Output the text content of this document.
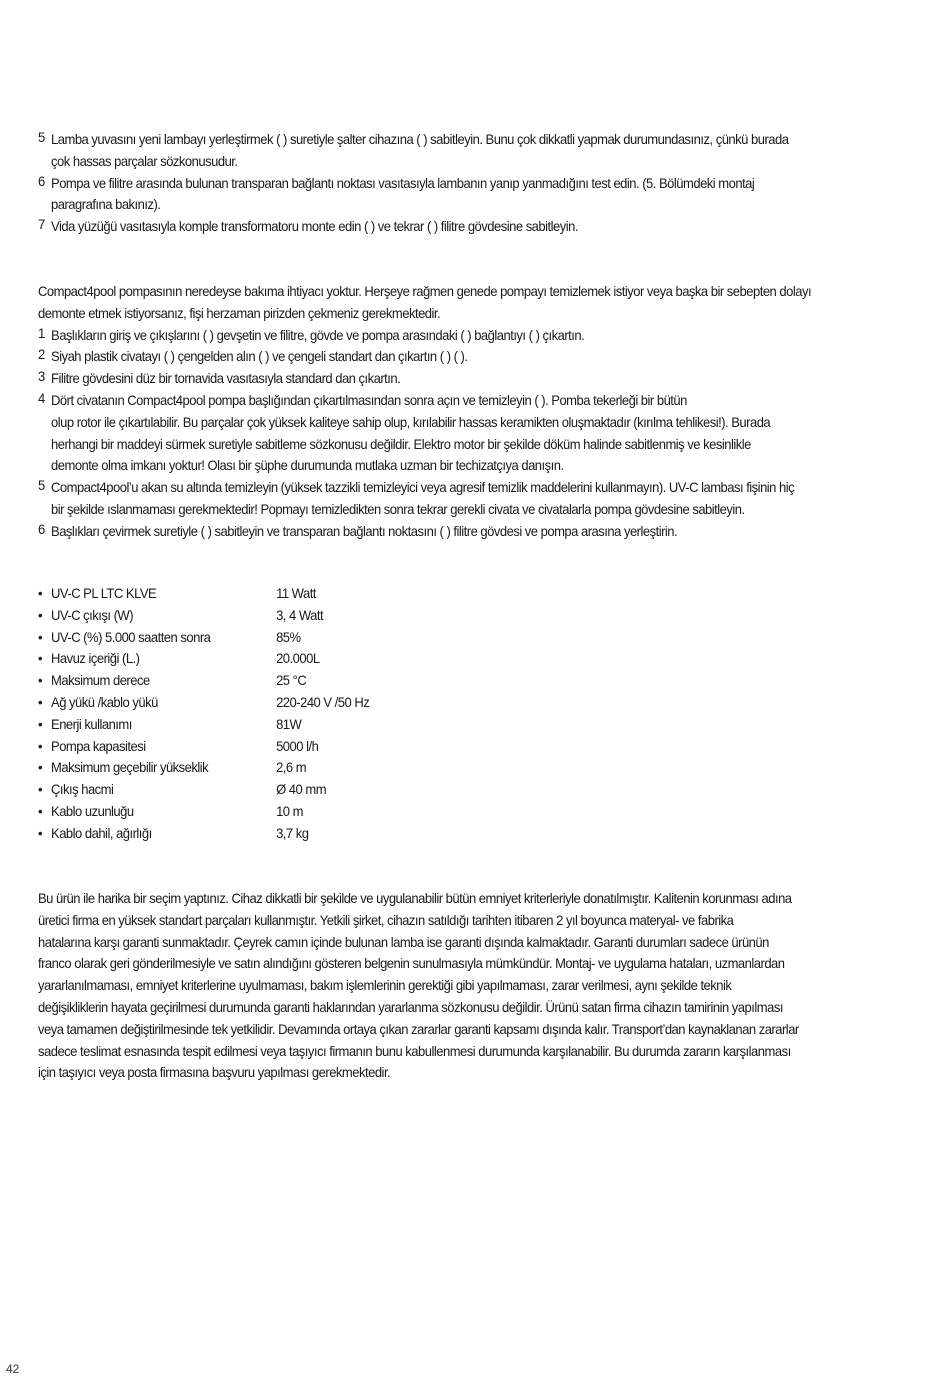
5 Lamba yuvasını yeni lambayı yerleştirmek ( ) suretiyle şalter cihazına ( ) sabitleyin. Bunu çok dikkatli yapmak durumundasınız, çünkü burada
çok hassas parçalar sözkonusudur.
6 Pompa ve filitre arasında bulunan transparan bağlantı noktası vasıtasıyla lambanın yanıp yanmadığını test edin. (5. Bölümdeki montaj
paragrafına bakınız).
7 Vida yüzüğü vasıtasıyla komple transformatoru monte edin ( ) ve tekrar ( ) filitre gövdesine sabitleyin.
Compact4pool pompasının neredeyse bakıma ihtiyacı yoktur. Herşeye rağmen genede pompayı temizlemek istiyor veya başka bir sebepten dolayı
demonte etmek istiyorsanız, fişi herzaman pirizden çekmeniz gerekmektedir.
1 Başlıkların giriş ve çıkışlarını ( ) gevşetin ve filitre, gövde ve pompa arasındaki ( ) bağlantıyı ( ) çıkartın.
2 Siyah plastik civatayı ( ) çengelden alın ( ) ve çengeli standart dan çıkartın ( ) ( ).
3 Filitre gövdesini düz bir tornavida vasıtasıyla standard dan çıkartın.
4 Dört civatanın Compact4pool pompa başlığından çıkartılmasından sonra açın ve temizleyin ( ). Pomba tekerleği bir bütün
olup rotor ile çıkartılabilir. Bu parçalar çok yüksek kaliteye sahip olup, kırılabilir hassas keramikten oluşmaktadır (kırılma tehlikesi!). Burada
herhangi bir maddeyi sürmek suretiyle sabitleme sözkonusu değildir. Elektro motor bir şekilde döküm halinde sabitlenmiş ve kesinlikle
demonte olma imkanı yoktur! Olası bir şüphe durumunda mutlaka uzman bir techizatçıya danışın.
5 Compact4pool’u akan su altında temizleyin (yüksek tazzikli temizleyici veya agresif temizlik maddelerini kullanmayın). UV-C lambası fişinin hiç
bir şekilde ıslanmaması gerekmektedir! Popmayı temizledikten sonra tekrar gerekli civata ve civatalarla pompa gövdesine sabitleyin.
6 Başlıkları çevirmek suretiyle ( ) sabitleyin ve transparan bağlantı noktasını ( ) filitre gövdesi ve pompa arasına yerleştirin.
• UV-C PL LTC KLVE	11 Watt
• UV-C çıkışı (W)	3, 4 Watt
• UV-C (%) 5.000 saatten sonra	85%
• Havuz içeriği (L.)	20.000L
• Maksimum derece	25 °C
• Ağ yükü /kablo yükü	220-240 V /50 Hz
• Enerji kullanımı	81W
• Pompa kapasitesi	5000 l/h
• Maksimum geçebilir yükseklik	2,6 m
• Çıkış hacmi	Ø 40 mm
• Kablo uzunluğu	10 m
• Kablo dahil, ağırlığı	3,7 kg
Bu ürün ile harika bir seçim yaptınız. Cihaz dikkatli bir şekilde ve uygulanabilir bütün emniyet kriterleriyle donatılmıştır. Kalitenin korunması adına
üretici firma en yüksek standart parçaları kullanmıştır. Yetkili şirket, cihazın satıldığı tarihten itibaren 2 yıl boyunca materyal- ve fabrika
hatalarına karşı garanti sunmaktadır. Çeyrek camın içinde bulunan lamba ise garanti dışında kalmaktadır. Garanti durumları sadece ürünün
franco olarak geri gönderilmesiyle ve satın alındığını gösteren belgenin sunulmasıyla mümkündür. Montaj- ve uygulama hataları, uzmanlardan
yararlanılmaması, emniyet kriterlerine uyulmaması, bakım işlemlerinin gerektiği gibi yapılmaması, zarar verilmesi, aynı şekilde teknik
değişikliklerin hayata geçirilmesi durumunda garanti haklarından yararlanma sözkonusu değildir. Ürünü satan firma cihazın tamirinin yapılması
veya tamamen değiştirilmesinde tek yetkilidir. Devamında ortaya çıkan zararlar garanti kapsamı dışında kalır. Transport’dan kaynaklanan zararlar
sadece teslimat esnasında tespit edilmesi veya taşıyıcı firmanın bunu kabullenmesi durumunda karşılanabilir. Bu durumda zararın karşılanması
için taşıyıcı veya posta firmasına başvuru yapılması gerekmektedir.
42
